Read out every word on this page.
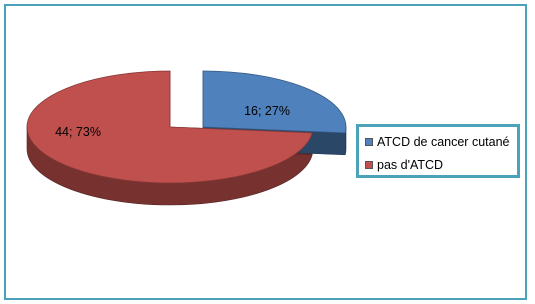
16; 27%
44; 73%
ATCD de cancer cutané
pas d'ATCD
